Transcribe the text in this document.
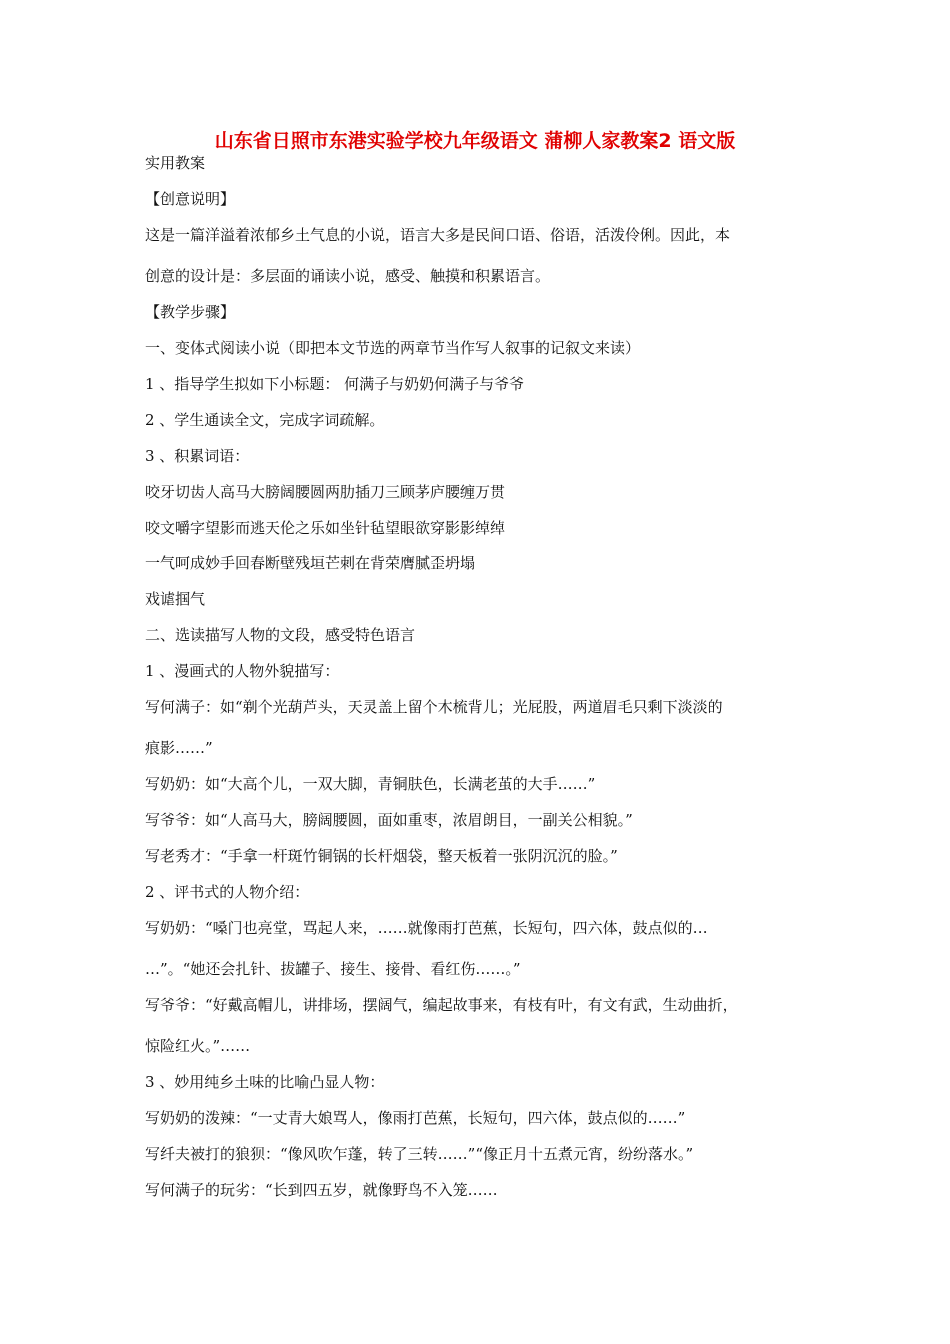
山东省日照市东港实验学校九年级语文 蒲柳人家教案2 语文版
实用教案
【创意说明】
这是一篇洋溢着浓郁乡土气息的小说，语言大多是民间口语、俗语，活泼伶俐。因此，本
创意的设计是：多层面的诵读小说，感受、触摸和积累语言。
【教学步骤】
一、变体式阅读小说（即把本文节选的两章节当作写人叙事的记叙文来读）
1 、指导学生拟如下小标题： 何满子与奶奶何满子与爷爷
2 、学生通读全文，完成字词疏解。
3 、积累词语：
咬牙切齿人高马大膀阔腰圆两肋插刀三顾茅庐腰缠万贯
咬文嚼字望影而逃天伦之乐如坐针毡望眼欲穿影影绰绰
一气呵成妙手回春断壁残垣芒刺在背荣膺腻歪坍塌
戏谑掴气
二、选读描写人物的文段，感受特色语言
1 、漫画式的人物外貌描写：
写何满子：如“剃个光葫芦头，天灵盖上留个木梳背儿；光屁股，两道眉毛只剩下淡淡的
痕影……”
写奶奶：如“大高个儿，一双大脚，青铜肤色，长满老茧的大手……”
写爷爷：如“人高马大，膀阔腰圆，面如重枣，浓眉朗目，一副关公相貌。”
写老秀才：“手拿一杆斑竹铜锅的长杆烟袋，整天板着一张阴沉沉的脸。”
2 、评书式的人物介绍：
写奶奶：“嗓门也亮堂，骂起人来，……就像雨打芭蕉，长短句，四六体，鼓点似的…
…”。“她还会扎针、拔罐子、接生、接骨、看红伤……。”
写爷爷：“好戴高帽儿，讲排场，摆阔气，编起故事来，有枝有叶，有文有武，生动曲折，
惊险红火。”……
3 、妙用纯乡土味的比喻凸显人物：
写奶奶的泼辣：“一丈青大娘骂人，像雨打芭蕉，长短句，四六体，鼓点似的……”
写纤夫被打的狼狈：“像风吹乍蓬，转了三转……”“像正月十五煮元宵，纷纷落水。”
写何满子的玩劣：“长到四五岁，就像野鸟不入笼……
